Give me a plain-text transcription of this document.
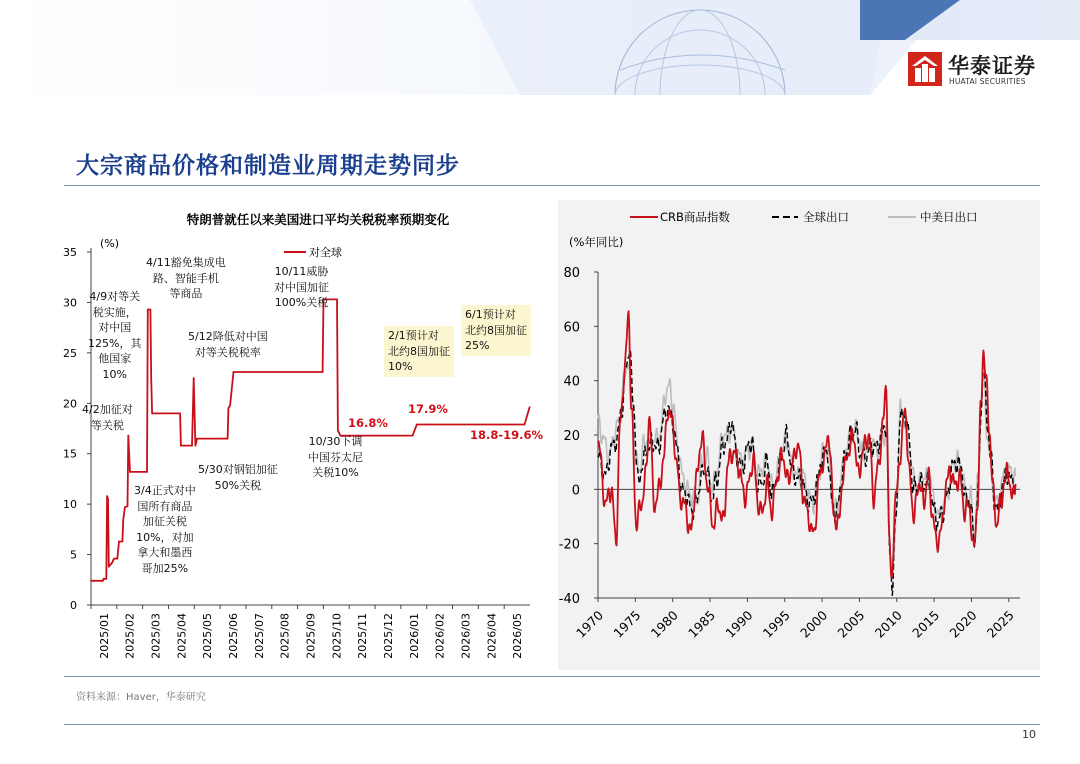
华泰证券
HUATAI SECURITIES
大宗商品价格和制造业周期走势同步
特朗普就任以来美国进口平均关税税率预期变化
(%)
对全球
0
5
10
15
20
25
30
35
2025/01 2025/02 2025/03 2025/04 2025/05 2025/06 2025/07 2025/08 2025/09 2025/10 2025/11 2025/12 2026/01 2026/02 2026/03 2026/04 2026/05
4/2加征对
等关税
4/9对等关
税实施，
对中国
125%，其
他国家
10%
4/11豁免集成电
路、智能手机
等商品
5/12降低对中国
对等关税税率
5/30对钢铝加征
50%关税
3/4正式对中
国所有商品
加征关税
10%，对加
拿大和墨西
哥加25%
10/11威胁
对中国加征
100%关税
10/30下调
中国芬太尼
关税10%
2/1预计对
北约8国加征
10%
6/1预计对
北约8国加征
25%
16.8%
17.9%
18.8-19.6%
CRB商品指数	全球出口	中美日出口
(%年同比)
-40
-20
0
20
40
60
80
1970 1975 1980 1985 1990 1995 2000 2005 2010 2015 2020 2025
资料来源：Haver，华泰研究
10
